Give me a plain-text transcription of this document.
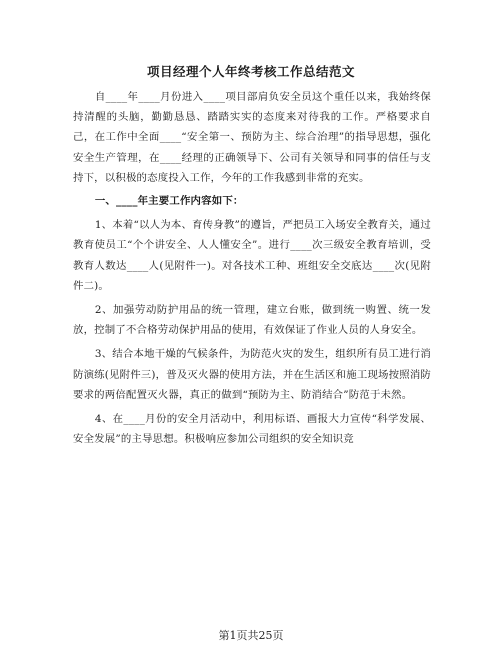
项目经理个人年终考核工作总结范文

自____年____月份进入____项目部肩负安全员这个重任以来，我始终保持清醒的头脑，勤勤恳恳、踏踏实实的态度来对待我的工作。严格要求自己，在工作中全面____“安全第一、预防为主、综合治理”的指导思想，强化安全生产管理，在____经理的正确领导下、公司有关领导和同事的信任与支持下，以积极的态度投入工作，今年的工作我感到非常的充实。

一、____年主要工作内容如下：

1、本着“以人为本、育传身教”的遵旨，严把员工入场安全教育关，通过教育使员工“个个讲安全、人人懂安全”。进行____次三级安全教育培训，受教育人数达____人(见附件一)。对各技术工种、班组安全交底达____次(见附件二)。

2、加强劳动防护用品的统一管理，建立台账，做到统一购置、统一发放，控制了不合格劳动保护用品的使用，有效保证了作业人员的人身安全。

3、结合本地干燥的气候条件，为防范火灾的发生，组织所有员工进行消防演练(见附件三)，普及灭火器的使用方法，并在生活区和施工现场按照消防要求的两倍配置灭火器，真正的做到“预防为主、防消结合”防范于未然。

4、在____月份的安全月活动中，利用标语、画报大力宣传“科学发展、安全发展”的主导思想。积极响应参加公司组织的安全知识竞

第1页共25页
